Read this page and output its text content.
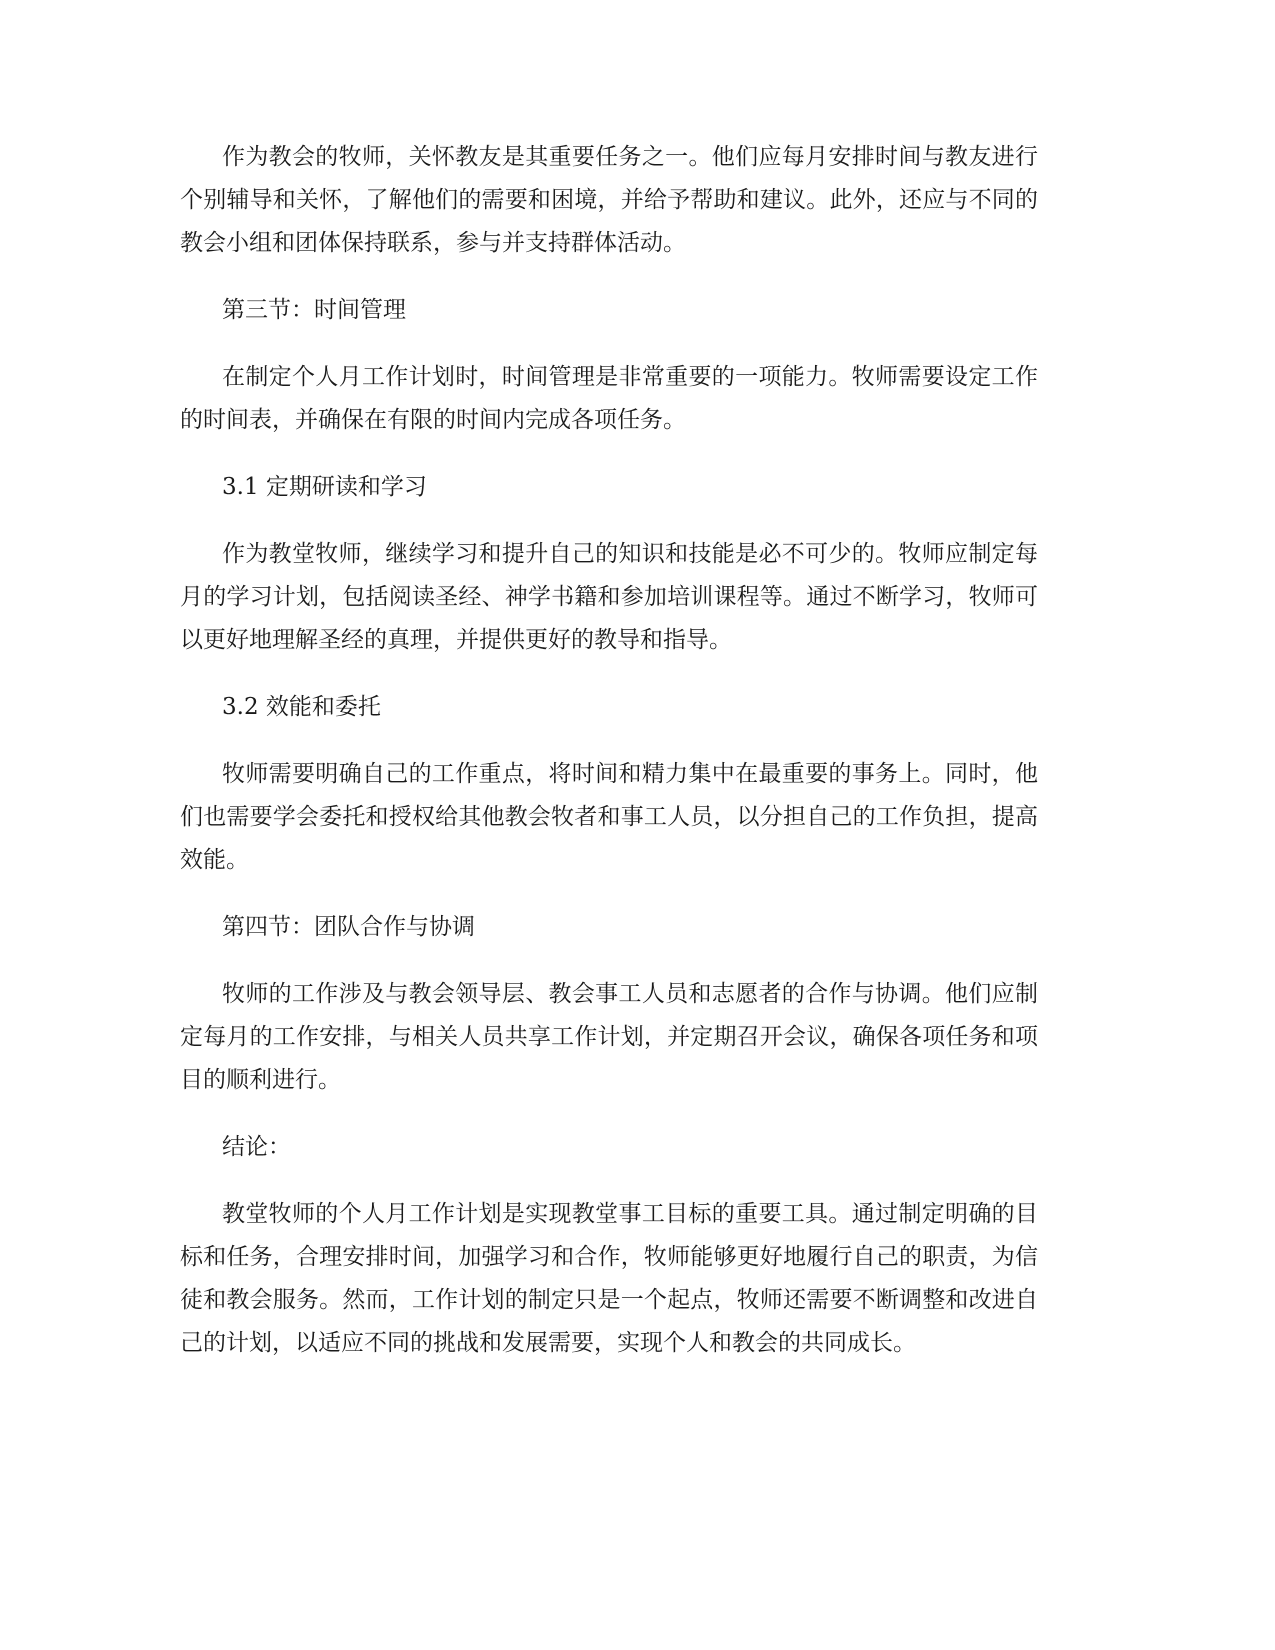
作为教会的牧师，关怀教友是其重要任务之一。他们应每月安排时间与教友进行个别辅导和关怀，了解他们的需要和困境，并给予帮助和建议。此外，还应与不同的教会小组和团体保持联系，参与并支持群体活动。

第三节：时间管理

在制定个人月工作计划时，时间管理是非常重要的一项能力。牧师需要设定工作的时间表，并确保在有限的时间内完成各项任务。

3.1 定期研读和学习

作为教堂牧师，继续学习和提升自己的知识和技能是必不可少的。牧师应制定每月的学习计划，包括阅读圣经、神学书籍和参加培训课程等。通过不断学习，牧师可以更好地理解圣经的真理，并提供更好的教导和指导。

3.2 效能和委托

牧师需要明确自己的工作重点，将时间和精力集中在最重要的事务上。同时，他们也需要学会委托和授权给其他教会牧者和事工人员，以分担自己的工作负担，提高效能。

第四节：团队合作与协调

牧师的工作涉及与教会领导层、教会事工人员和志愿者的合作与协调。他们应制定每月的工作安排，与相关人员共享工作计划，并定期召开会议，确保各项任务和项目的顺利进行。

结论：

教堂牧师的个人月工作计划是实现教堂事工目标的重要工具。通过制定明确的目标和任务，合理安排时间，加强学习和合作，牧师能够更好地履行自己的职责，为信徒和教会服务。然而，工作计划的制定只是一个起点，牧师还需要不断调整和改进自己的计划，以适应不同的挑战和发展需要，实现个人和教会的共同成长。
